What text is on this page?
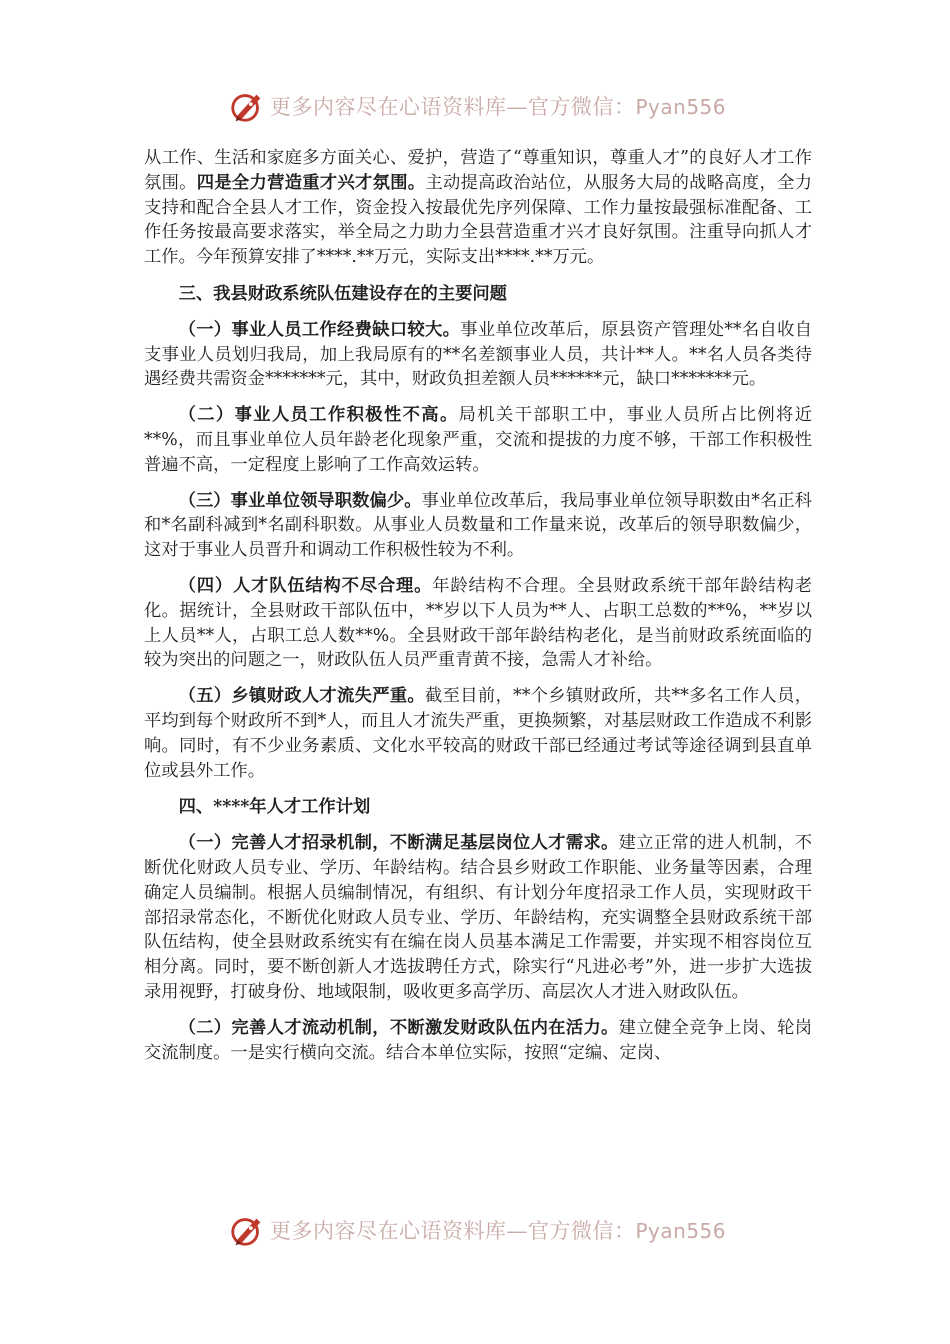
更多内容尽在心语资料库—官方微信：Pyan556

从工作、生活和家庭多方面关心、爱护，营造了“尊重知识，尊重人才”的良好人才工作氛围。四是全力营造重才兴才氛围。主动提高政治站位，从服务大局的战略高度，全力支持和配合全县人才工作，资金投入按最优先序列保障、工作力量按最强标准配备、工作任务按最高要求落实，举全局之力助力全县营造重才兴才良好氛围。注重导向抓人才工作。今年预算安排了****.**万元，实际支出****.**万元。

三、我县财政系统队伍建设存在的主要问题

（一）事业人员工作经费缺口较大。事业单位改革后，原县资产管理处**名自收自支事业人员划归我局，加上我局原有的**名差额事业人员，共计**人。**名人员各类待遇经费共需资金*******元，其中，财政负担差额人员******元，缺口*******元。

（二）事业人员工作积极性不高。局机关干部职工中，事业人员所占比例将近**%，而且事业单位人员年龄老化现象严重，交流和提拔的力度不够，干部工作积极性普遍不高，一定程度上影响了工作高效运转。

（三）事业单位领导职数偏少。事业单位改革后，我局事业单位领导职数由*名正科和*名副科减到*名副科职数。从事业人员数量和工作量来说，改革后的领导职数偏少，这对于事业人员晋升和调动工作积极性较为不利。

（四）人才队伍结构不尽合理。年龄结构不合理。全县财政系统干部年龄结构老化。据统计，全县财政干部队伍中，**岁以下人员为**人、占职工总数的**%，**岁以上人员**人，占职工总人数**%。全县财政干部年龄结构老化，是当前财政系统面临的较为突出的问题之一，财政队伍人员严重青黄不接，急需人才补给。

（五）乡镇财政人才流失严重。截至目前，**个乡镇财政所，共**多名工作人员，平均到每个财政所不到*人，而且人才流失严重，更换频繁，对基层财政工作造成不利影响。同时，有不少业务素质、文化水平较高的财政干部已经通过考试等途径调到县直单位或县外工作。

四、****年人才工作计划

（一）完善人才招录机制，不断满足基层岗位人才需求。建立正常的进人机制，不断优化财政人员专业、学历、年龄结构。结合县乡财政工作职能、业务量等因素，合理确定人员编制。根据人员编制情况，有组织、有计划分年度招录工作人员，实现财政干部招录常态化，不断优化财政人员专业、学历、年龄结构，充实调整全县财政系统干部队伍结构，使全县财政系统实有在编在岗人员基本满足工作需要，并实现不相容岗位互相分离。同时，要不断创新人才选拔聘任方式，除实行“凡进必考”外，进一步扩大选拔录用视野，打破身份、地域限制，吸收更多高学历、高层次人才进入财政队伍。

（二）完善人才流动机制，不断激发财政队伍内在活力。建立健全竞争上岗、轮岗交流制度。一是实行横向交流。结合本单位实际，按照“定编、定岗、

更多内容尽在心语资料库—官方微信：Pyan556
